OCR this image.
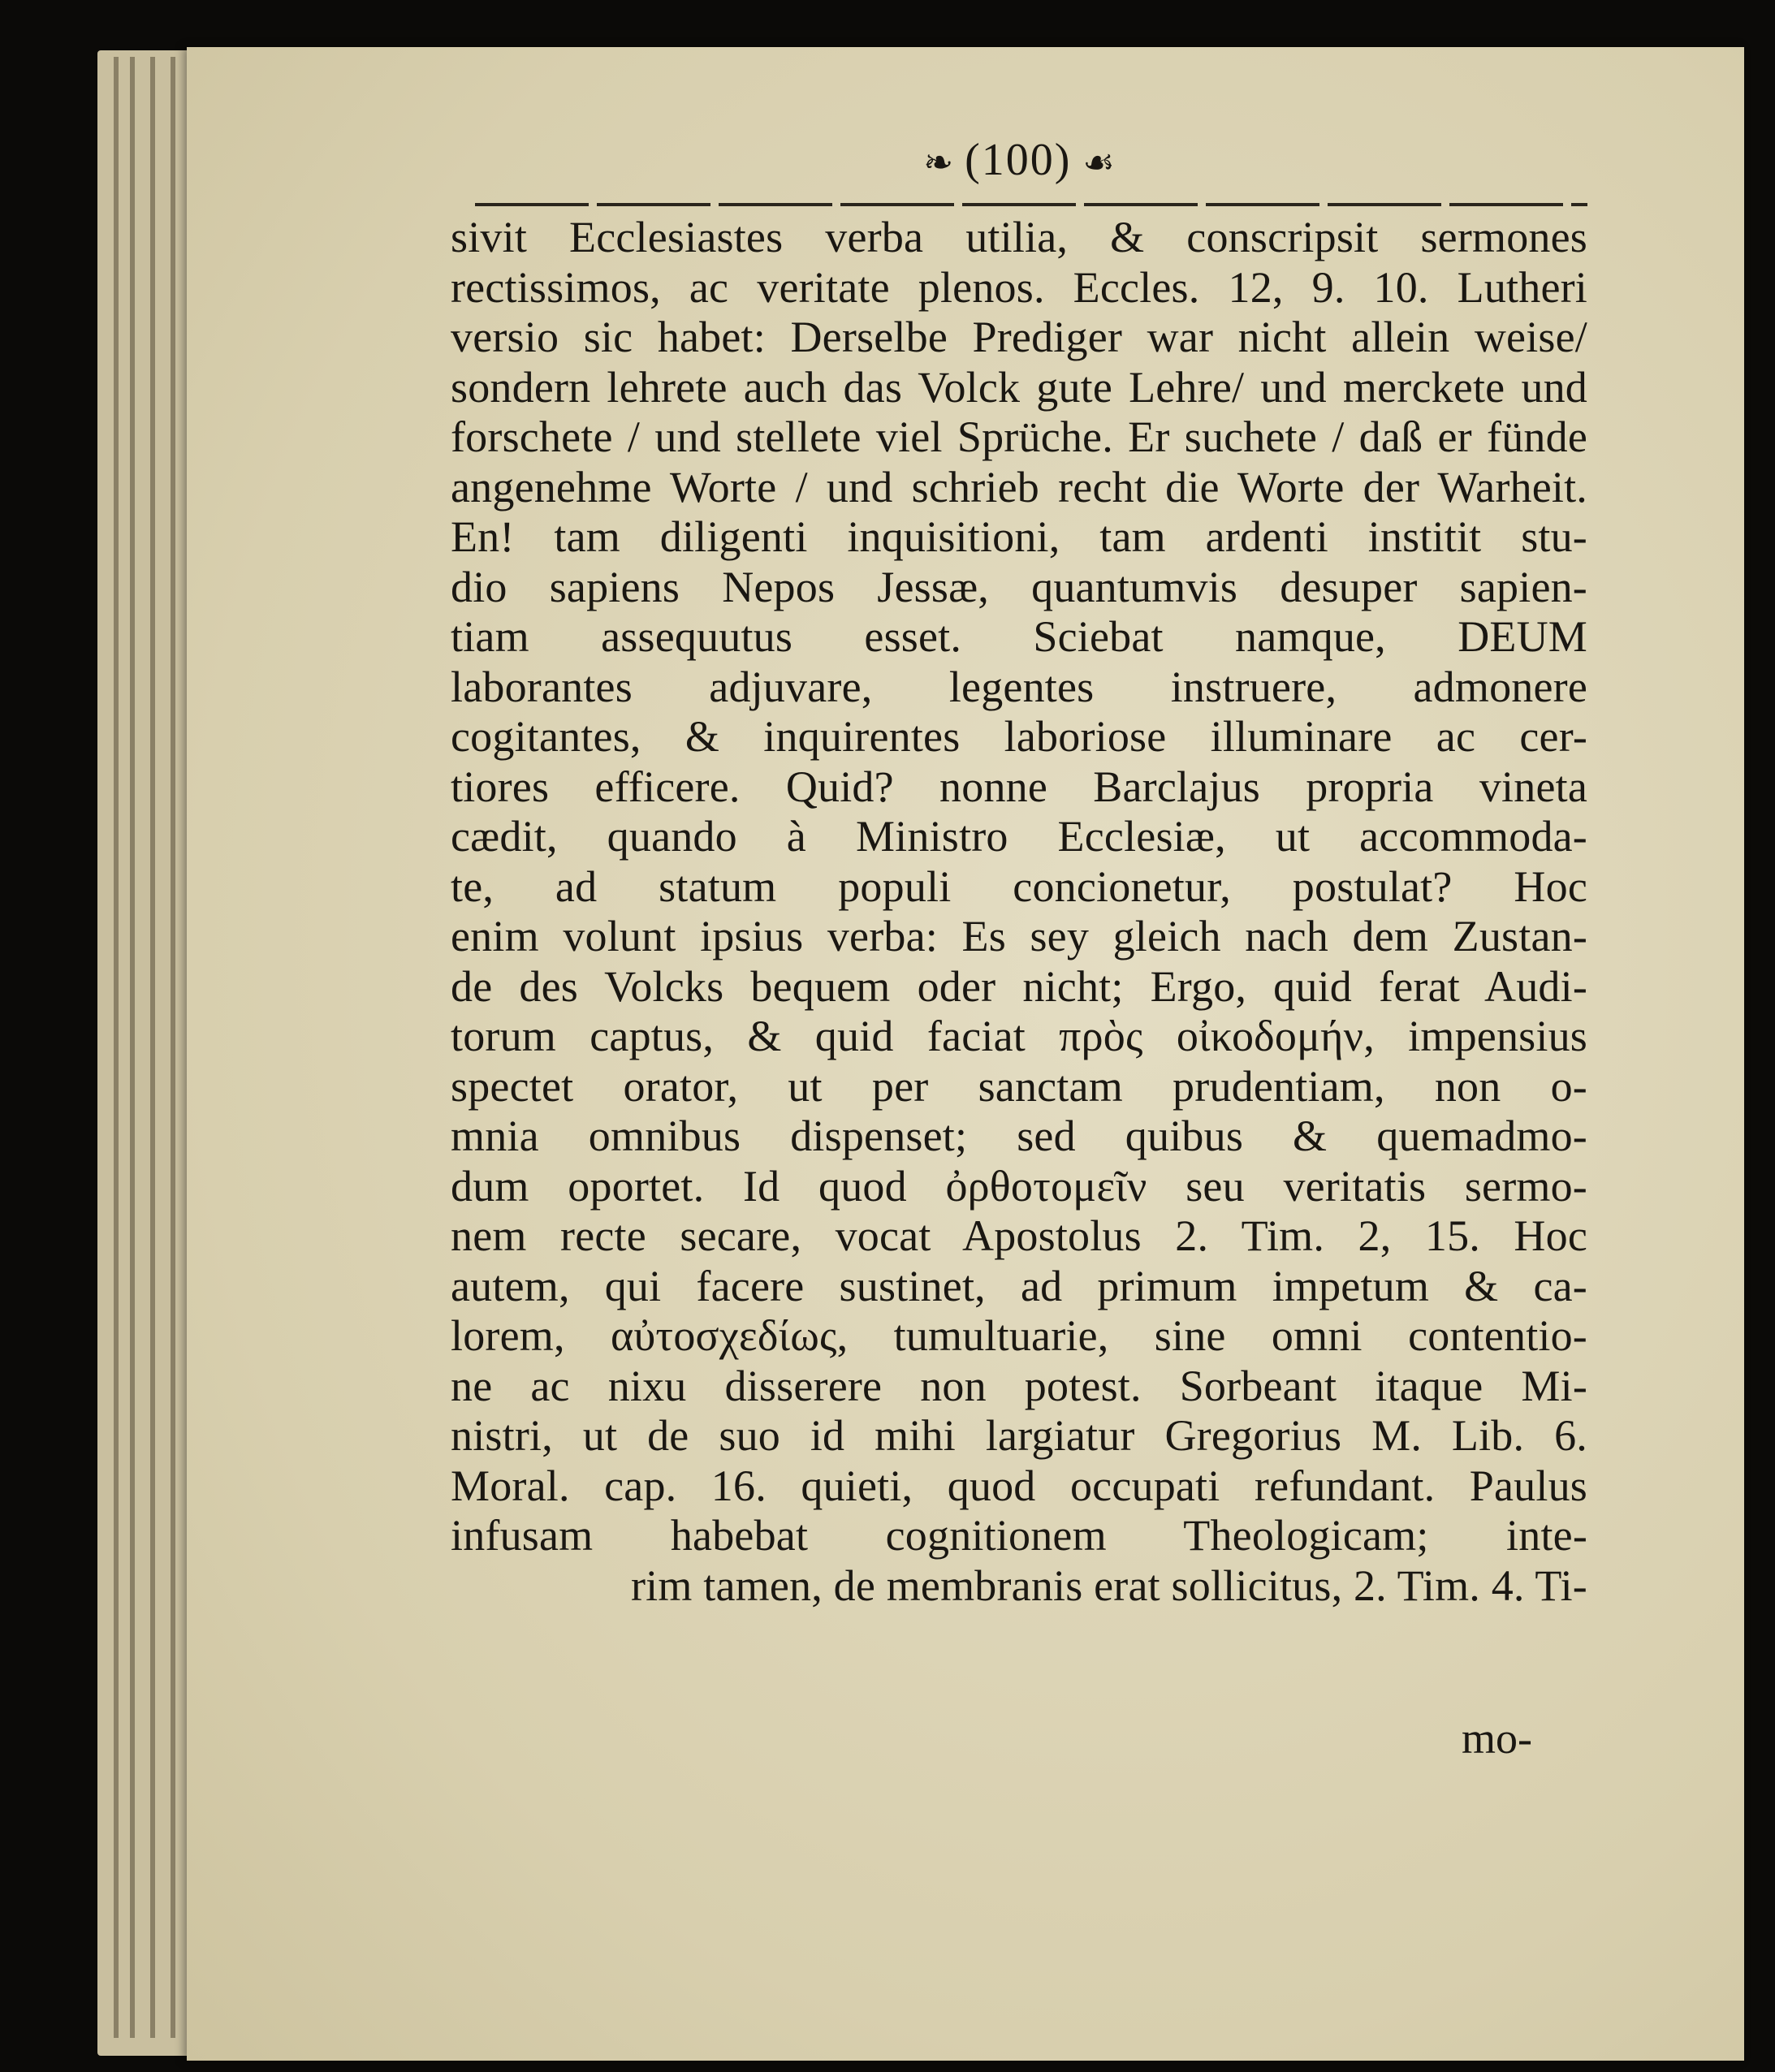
❧ (100) ☙
sivit Ecclesiastes verba utilia, & conscripsit sermones
rectissimos, ac veritate plenos. Eccles. 12, 9. 10. Lutheri
versio sic habet: Derselbe Prediger war nicht allein weise/
sondern lehrete auch das Volck gute Lehre/ und merckete und
forschete / und stellete viel Sprüche. Er suchete / daß er fünde
angenehme Worte / und schrieb recht die Worte der Warheit.
En! tam diligenti inquisitioni, tam ardenti institit stu-
dio sapiens Nepos Jessæ, quantumvis desuper sapien-
tiam assequutus esset. Sciebat namque, DEUM
laborantes adjuvare, legentes instruere, admonere
cogitantes, & inquirentes laboriose illuminare ac cer-
tiores efficere. Quid? nonne Barclajus propria vineta
cædit, quando à Ministro Ecclesiæ, ut accommoda-
te, ad statum populi concionetur, postulat? Hoc
enim volunt ipsius verba: Es sey gleich nach dem Zustan-
de des Volcks bequem oder nicht; Ergo, quid ferat Audi-
torum captus, & quid faciat πρὸς οἰκοδομήν, impensius
spectet orator, ut per sanctam prudentiam, non o-
mnia omnibus dispenset; sed quibus & quemadmo-
dum oportet. Id quod ὀρθοτομεῖν seu veritatis sermo-
nem recte secare, vocat Apostolus 2. Tim. 2, 15. Hoc
autem, qui facere sustinet, ad primum impetum & ca-
lorem, αὐτοσχεδίως, tumultuarie, sine omni contentio-
ne ac nixu disserere non potest. Sorbeant itaque Mi-
nistri, ut de suo id mihi largiatur Gregorius M. Lib. 6.
Moral. cap. 16. quieti, quod occupati refundant. Paulus
infusam habebat cognitionem Theologicam; inte-
rim tamen, de membranis erat sollicitus, 2. Tim. 4. Ti-
mo-
